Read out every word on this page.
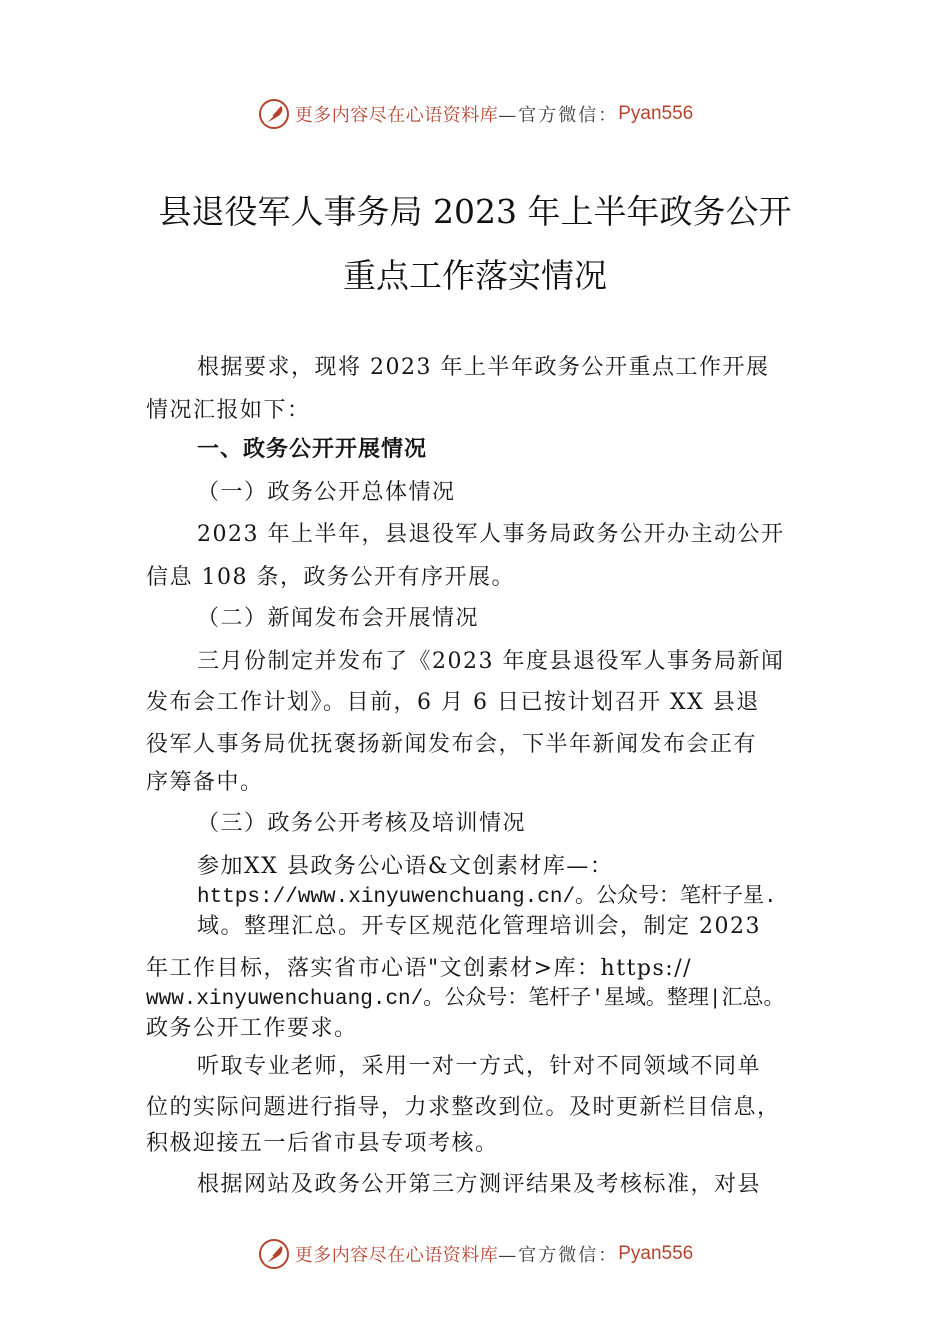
更多内容尽在心语资料库 —官方微信： Pyan556
县退役军人事务局 2023 年上半年政务公开
重点工作落实情况
根据要求，现将 2023 年上半年政务公开重点工作开展
情况汇报如下：
一、政务公开开展情况
（一）政务公开总体情况
2023 年上半年，县退役军人事务局政务公开办主动公开
信息 108 条，政务公开有序开展。
（二）新闻发布会开展情况
三月份制定并发布了《2023 年度县退役军人事务局新闻
发布会工作计划》。目前，6 月 6 日已按计划召开 XX 县退
役军人事务局优抚褒扬新闻发布会，下半年新闻发布会正有
序筹备中。
（三）政务公开考核及培训情况
参加XX 县政务公心语&文创素材库—：
https://www.xinyuwenchuang.cn/。公众号：笔杆子星.
域。整理汇总。开专区规范化管理培训会，制定 2023
年工作目标，落实省市心语"文创素材>库：https://
www.xinyuwenchuang.cn/。公众号：笔杆子'星域。整理|汇总。
政务公开工作要求。
听取专业老师，采用一对一方式，针对不同领域不同单
位的实际问题进行指导，力求整改到位。及时更新栏目信息，
积极迎接五一后省市县专项考核。
根据网站及政务公开第三方测评结果及考核标准，对县
更多内容尽在心语资料库 —官方微信： Pyan556
